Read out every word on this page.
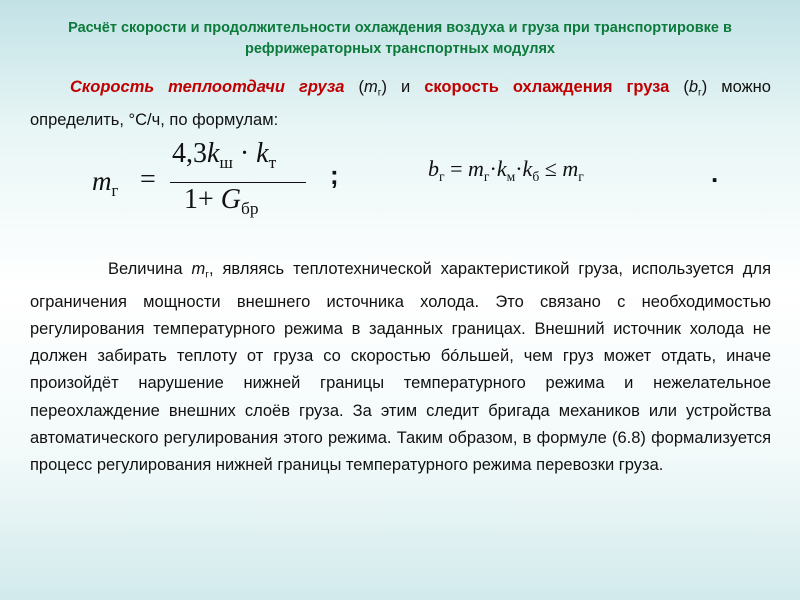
Расчёт скорости и продолжительности охлаждения воздуха и груза при транспортировке в рефрижераторных транспортных модулях
Скорость теплоотдачи груза $(m_г)$ и скорость охлаждения груза $(b_г)$ можно определить, °С/ч, по формулам:
$m_г$ =
$4,3k_ш \cdot k_т$
$1+ G_{бр}$
;	$b_г = m_г\cdot k_м\cdot k_б \le m_г$	.
Величина $m_г$, являясь теплотехнической характеристикой груза, используется для ограничения мощности внешнего источника холода. Это связано с необходимостью регулирования температурного режима в заданных границах. Внешний источник холода не должен забирать теплоту от груза со скоростью бóльшей, чем груз может отдать, иначе произойдёт нарушение нижней границы температурного режима и нежелательное переохлаждение внешних слоёв груза. За этим следит бригада механиков или устройства автоматического регулирования этого режима. Таким образом, в формуле (6.8) формализуется процесс регулирования нижней границы температурного режима перевозки груза.
